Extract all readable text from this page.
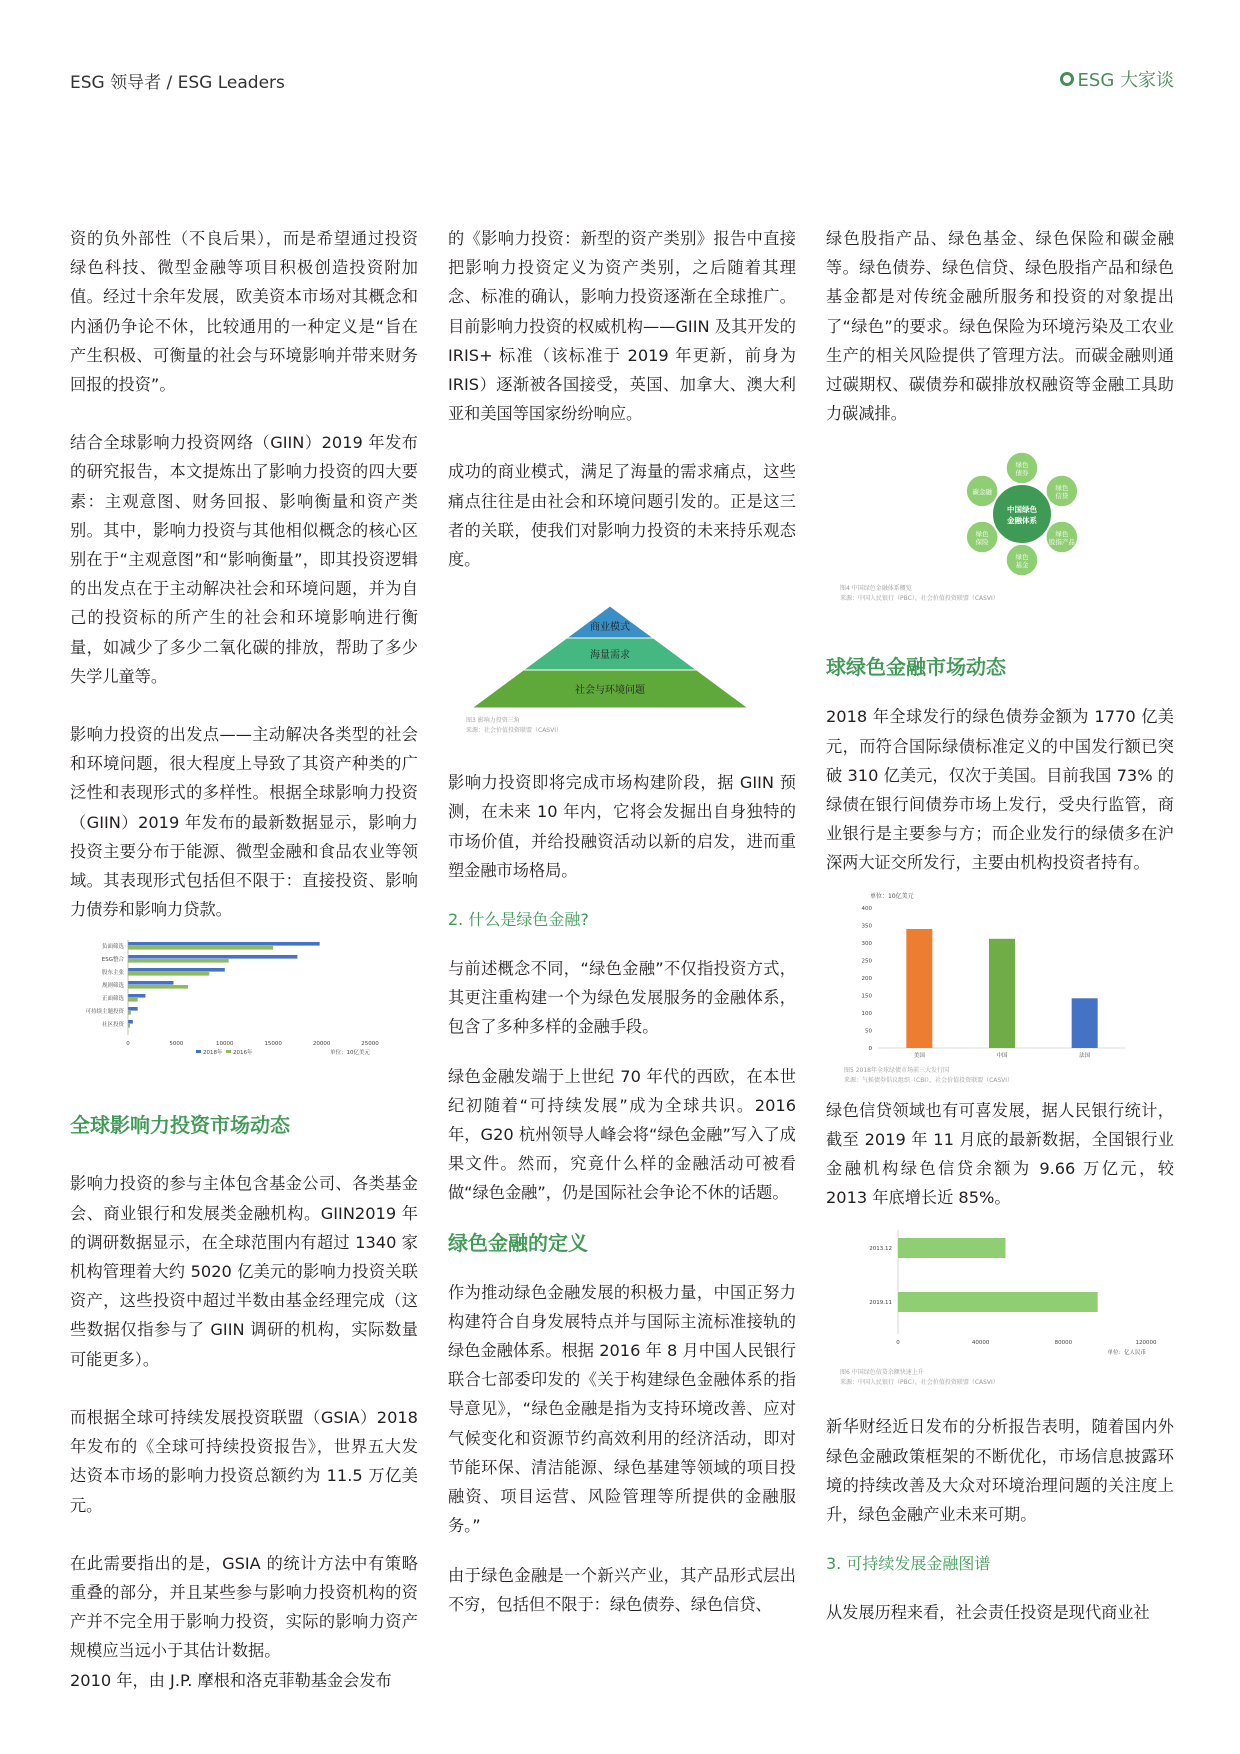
ESG 领导者 / ESG Leaders	ESG 大家谈

资的负外部性（不良后果），而是希望通过投资绿色科技、微型金融等项目积极创造投资附加值。经过十余年发展，欧美资本市场对其概念和内涵仍争论不休，比较通用的一种定义是“旨在产生积极、可衡量的社会与环境影响并带来财务回报的投资”。

结合全球影响力投资网络（GIIN）2019 年发布的研究报告，本文提炼出了影响力投资的四大要素：主观意图、财务回报、影响衡量和资产类别。其中，影响力投资与其他相似概念的核心区别在于“主观意图”和“影响衡量”，即其投资逻辑的出发点在于主动解决社会和环境问题，并为自己的投资标的所产生的社会和环境影响进行衡量，如减少了多少二氧化碳的排放，帮助了多少失学儿童等。

影响力投资的出发点——主动解决各类型的社会和环境问题，很大程度上导致了其资产种类的广泛性和表现形式的多样性。根据全球影响力投资（GIIN）2019 年发布的最新数据显示，影响力投资主要分布于能源、微型金融和食品农业等领域。其表现形式包括但不限于：直接投资、影响力债券和影响力贷款。

负面筛选
ESG整合
股东主张
规则筛选
正面筛选
可持续主题投资
社区投资
0	5000	10000	15000	20000	25000
2018年 2016年	单位：10亿美元
全球影响力投资市场动态

影响力投资的参与主体包含基金公司、各类基金会、商业银行和发展类金融机构。GIIN2019 年的调研数据显示，在全球范围内有超过 1340 家机构管理着大约 5020 亿美元的影响力投资关联资产，这些投资中超过半数由基金经理完成（这些数据仅指参与了 GIIN 调研的机构，实际数量可能更多）。

而根据全球可持续发展投资联盟（GSIA）2018 年发布的《全球可持续投资报告》，世界五大发达资本市场的影响力投资总额约为 11.5 万亿美元。

在此需要指出的是，GSIA 的统计方法中有策略重叠的部分，并且某些参与影响力投资机构的资产并不完全用于影响力投资，实际的影响力资产规模应当远小于其估计数据。

2010 年，由 J.P. 摩根和洛克菲勒基金会发布

的《影响力投资：新型的资产类别》报告中直接把影响力投资定义为资产类别，之后随着其理念、标准的确认，影响力投资逐渐在全球推广。目前影响力投资的权威机构——GIIN 及其开发的 IRIS+ 标准（该标准于 2019 年更新，前身为 IRIS）逐渐被各国接受，英国、加拿大、澳大利亚和美国等国家纷纷响应。

成功的商业模式，满足了海量的需求痛点，这些痛点往往是由社会和环境问题引发的。正是这三者的关联，使我们对影响力投资的未来持乐观态度。

商业模式
海量需求
社会与环境问题
图3 影响力投资三角
来源：社会价值投资联盟（CASVI）

影响力投资即将完成市场构建阶段，据 GIIN 预测，在未来 10 年内，它将会发掘出自身独特的市场价值，并给投融资活动以新的启发，进而重塑金融市场格局。

2. 什么是绿色金融?

与前述概念不同，“绿色金融”不仅指投资方式，其更注重构建一个为绿色发展服务的金融体系，包含了多种多样的金融手段。

绿色金融发端于上世纪 70 年代的西欧，在本世纪初随着“可持续发展”成为全球共识。2016 年，G20 杭州领导人峰会将“绿色金融”写入了成果文件。然而，究竟什么样的金融活动可被看做“绿色金融”，仍是国际社会争论不休的话题。

绿色金融的定义

作为推动绿色金融发展的积极力量，中国正努力构建符合自身发展特点并与国际主流标准接轨的绿色金融体系。根据 2016 年 8 月中国人民银行联合七部委印发的《关于构建绿色金融体系的指导意见》，“绿色金融是指为支持环境改善、应对气候变化和资源节约高效利用的经济活动，即对节能环保、清洁能源、绿色基建等领域的项目投融资、项目运营、风险管理等所提供的金融服务。”

由于绿色金融是一个新兴产业，其产品形式层出不穷，包括但不限于：绿色债券、绿色信贷、

绿色股指产品、绿色基金、绿色保险和碳金融等。绿色债券、绿色信贷、绿色股指产品和绿色基金都是对传统金融所服务和投资的对象提出了“绿色”的要求。绿色保险为环境污染及工农业生产的相关风险提供了管理方法。而碳金融则通过碳期权、碳债券和碳排放权融资等金融工具助力碳减排。

绿色
债券
绿色
信贷
绿色
股指产品
绿色
基金
绿色
保险
碳金融
中国绿色
金融体系
图4 中国绿色金融体系概览
来源：中国人民银行（PBC），社会价值投资联盟（CASVI）
球绿色金融市场动态

2018 年全球发行的绿色债券金额为 1770 亿美元，而符合国际绿债标准定义的中国发行额已突破 310 亿美元，仅次于美国。目前我国 73% 的绿债在银行间债券市场上发行，受央行监管，商业银行是主要参与方；而企业发行的绿债多在沪深两大证交所发行，主要由机构投资者持有。

单位：10亿美元
0
50
100
150
200
250
300
350
400
美国	中国	法国
图5 2018年全球绿债市场前三大发行国
来源：气候债券倡议组织（CBI），社会价值投资联盟（CASVI）

绿色信贷领域也有可喜发展，据人民银行统计，截至 2019 年 11 月底的最新数据，全国银行业金融机构绿色信贷余额为 9.66 万亿元，较 2013 年底增长近 85%。

2013.12
2019.11
0	40000	80000	120000
单位：亿人民币
图6 中国绿色信贷余额快速上升
来源：中国人民银行（PBC），社会价值投资联盟（CASVI）

新华财经近日发布的分析报告表明，随着国内外绿色金融政策框架的不断优化，市场信息披露环境的持续改善及大众对环境治理问题的关注度上升，绿色金融产业未来可期。

3. 可持续发展金融图谱

从发展历程来看，社会责任投资是现代商业社
